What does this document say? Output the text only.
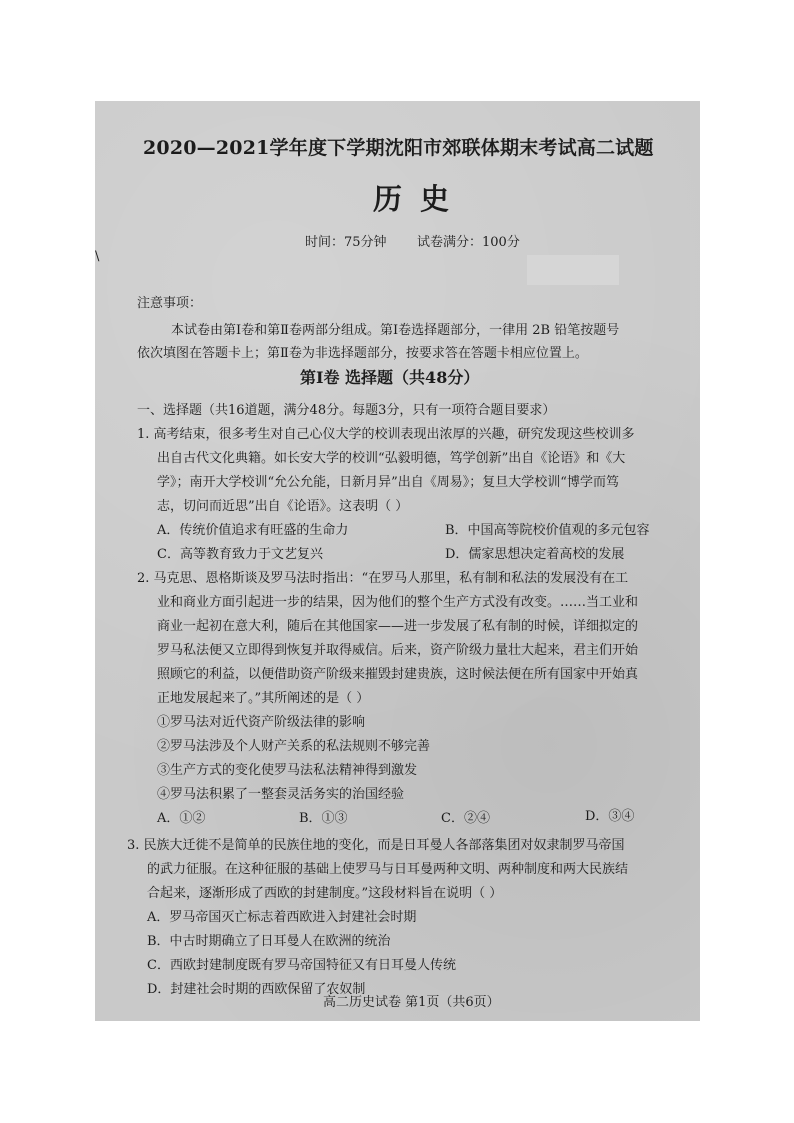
\
2020—2021学年度下学期沈阳市郊联体期末考试高二试题
历史
时间：75分钟 试卷满分：100分
注意事项：
本试卷由第Ⅰ卷和第Ⅱ卷两部分组成。第Ⅰ卷选择题部分，一律用 2B 铅笔按题号
依次填图在答题卡上；第Ⅱ卷为非选择题部分，按要求答在答题卡相应位置上。
第Ⅰ卷 选择题（共48分）
一、选择题（共16道题，满分48分。每题3分，只有一项符合题目要求）
1. 高考结束，很多考生对自己心仪大学的校训表现出浓厚的兴趣，研究发现这些校训多
出自古代文化典籍。如长安大学的校训“弘毅明德，笃学创新”出自《论语》和《大
学》；南开大学校训“允公允能，日新月异”出自《周易》；复旦大学校训“博学而笃
志，切问而近思”出自《论语》。这表明（ ）
A．传统价值追求有旺盛的生命力	B．中国高等院校价值观的多元包容
C．高等教育致力于文艺复兴	D．儒家思想决定着高校的发展
2. 马克思、恩格斯谈及罗马法时指出：“在罗马人那里，私有制和私法的发展没有在工
业和商业方面引起进一步的结果，因为他们的整个生产方式没有改变。……当工业和
商业一起初在意大利，随后在其他国家——进一步发展了私有制的时候，详细拟定的
罗马私法便又立即得到恢复并取得威信。后来，资产阶级力量壮大起来，君主们开始
照顾它的利益，以便借助资产阶级来摧毁封建贵族，这时候法便在所有国家中开始真
正地发展起来了。”其所阐述的是（ ）
①罗马法对近代资产阶级法律的影响
②罗马法涉及个人财产关系的私法规则不够完善
③生产方式的变化使罗马法私法精神得到激发
④罗马法积累了一整套灵活务实的治国经验
A．①②	B．①③	C．②④	D．③④
3. 民族大迁徙不是简单的民族住地的变化，而是日耳曼人各部落集团对奴隶制罗马帝国
的武力征服。在这种征服的基础上使罗马与日耳曼两种文明、两种制度和两大民族结
合起来，逐渐形成了西欧的封建制度。”这段材料旨在说明（ ）
A．罗马帝国灭亡标志着西欧进入封建社会时期
B．中古时期确立了日耳曼人在欧洲的统治
C．西欧封建制度既有罗马帝国特征又有日耳曼人传统
D．封建社会时期的西欧保留了农奴制
高二历史试卷 第1页（共6页）
